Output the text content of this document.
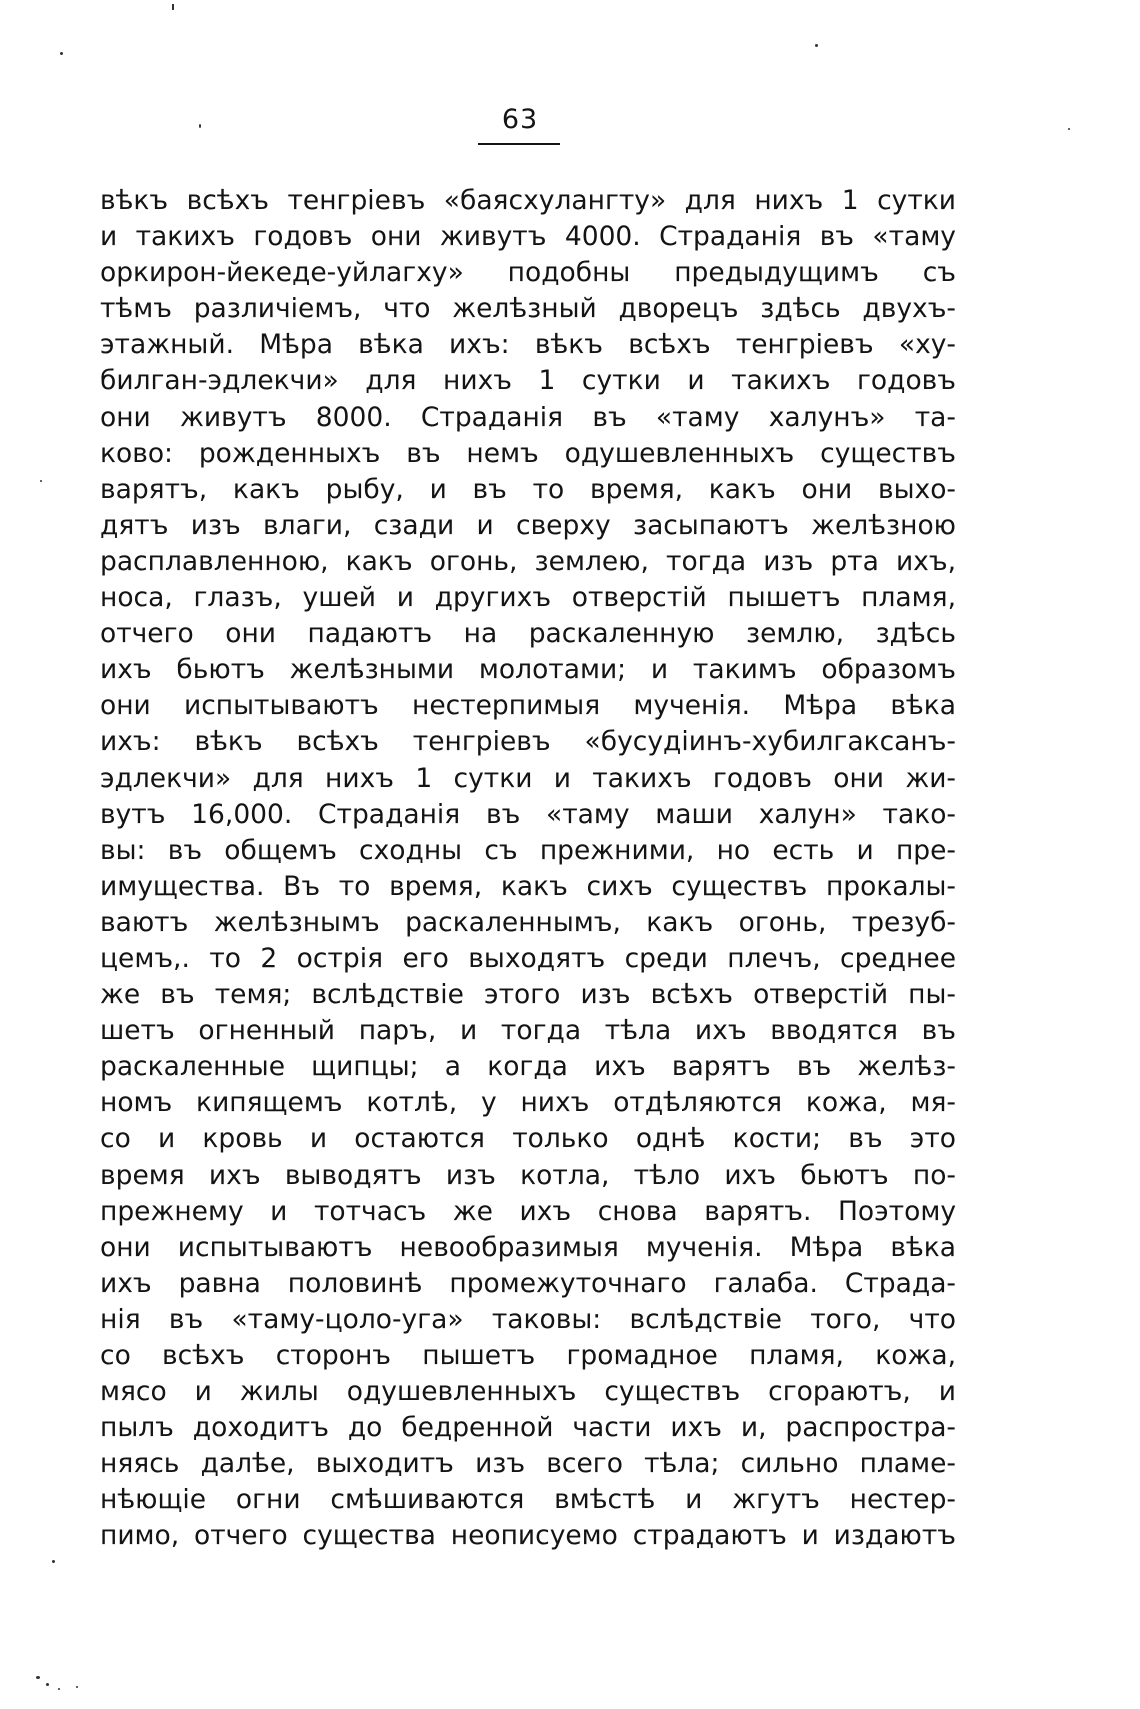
63
вѣкъ всѣхъ тенгріевъ «баясхулангту» для нихъ 1 сутки
и такихъ годовъ они живутъ 4000. Страданія въ «таму
оркирон-йекеде-уйлагху» подобны предыдущимъ съ
тѣмъ различіемъ, что желѣзный дворецъ здѣсь двухъ-
этажный. Мѣра вѣка ихъ: вѣкъ всѣхъ тенгріевъ «ху-
билган-эдлекчи» для нихъ 1 сутки и такихъ годовъ
они живутъ 8000. Страданія въ «таму халунъ» та-
ково: рожденныхъ въ немъ одушевленныхъ существъ
варятъ, какъ рыбу, и въ то время, какъ они выхо-
дятъ изъ влаги, сзади и сверху засыпаютъ желѣзною
расплавленною, какъ огонь, землею, тогда изъ рта ихъ,
носа, глазъ, ушей и другихъ отверстій пышетъ пламя,
отчего они падаютъ на раскаленную землю, здѣсь
ихъ бьютъ желѣзными молотами; и такимъ образомъ
они испытываютъ нестерпимыя мученія. Мѣра вѣка
ихъ: вѣкъ всѣхъ тенгріевъ «бусудіинъ-хубилгаксанъ-
эдлекчи» для нихъ 1 сутки и такихъ годовъ они жи-
вутъ 16,000. Страданія въ «таму маши халун» тако-
вы: въ общемъ сходны съ прежними, но есть и пре-
имущества. Въ то время, какъ сихъ существъ прокалы-
ваютъ желѣзнымъ раскаленнымъ, какъ огонь, трезуб-
цемъ,. то 2 острія его выходятъ среди плечъ, среднее
же въ темя; вслѣдствіе этого изъ всѣхъ отверстій пы-
шетъ огненный паръ, и тогда тѣла ихъ вводятся въ
раскаленные щипцы; а когда ихъ варятъ въ желѣз-
номъ кипящемъ котлѣ, у нихъ отдѣляются кожа, мя-
со и кровь и остаются только однѣ кости; въ это
время ихъ выводятъ изъ котла, тѣло ихъ бьютъ по-
прежнему и тотчасъ же ихъ снова варятъ. Поэтому
они испытываютъ невообразимыя мученія. Мѣра вѣка
ихъ равна половинѣ промежуточнаго галаба. Страда-
нія въ «таму-цоло-уга» таковы: вслѣдствіе того, что
со всѣхъ сторонъ пышетъ громадное пламя, кожа,
мясо и жилы одушевленныхъ существъ сгораютъ, и
пылъ доходитъ до бедренной части ихъ и, распростра-
няясь далѣе, выходитъ изъ всего тѣла; сильно пламе-
нѣющіе огни смѣшиваются вмѣстѣ и жгутъ нестер-
пимо, отчего существа неописуемо страдаютъ и издаютъ
